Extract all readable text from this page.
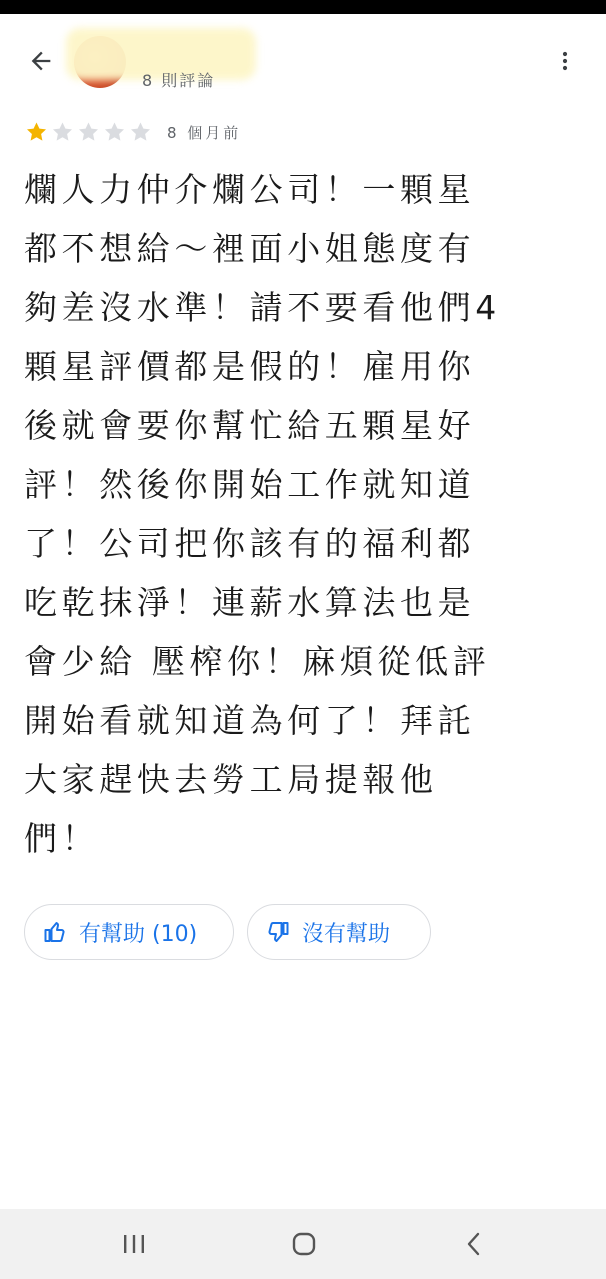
8 則評論
8 個月前

爛人力仲介爛公司！一顆星
都不想給～裡面小姐態度有
夠差沒水準！請不要看他們4
顆星評價都是假的！雇用你
後就會要你幫忙給五顆星好
評！然後你開始工作就知道
了！公司把你該有的福利都
吃乾抹淨！連薪水算法也是
會少給 壓榨你！麻煩從低評
開始看就知道為何了！拜託
大家趕快去勞工局提報他
們！

有幫助 (10)	沒有幫助
